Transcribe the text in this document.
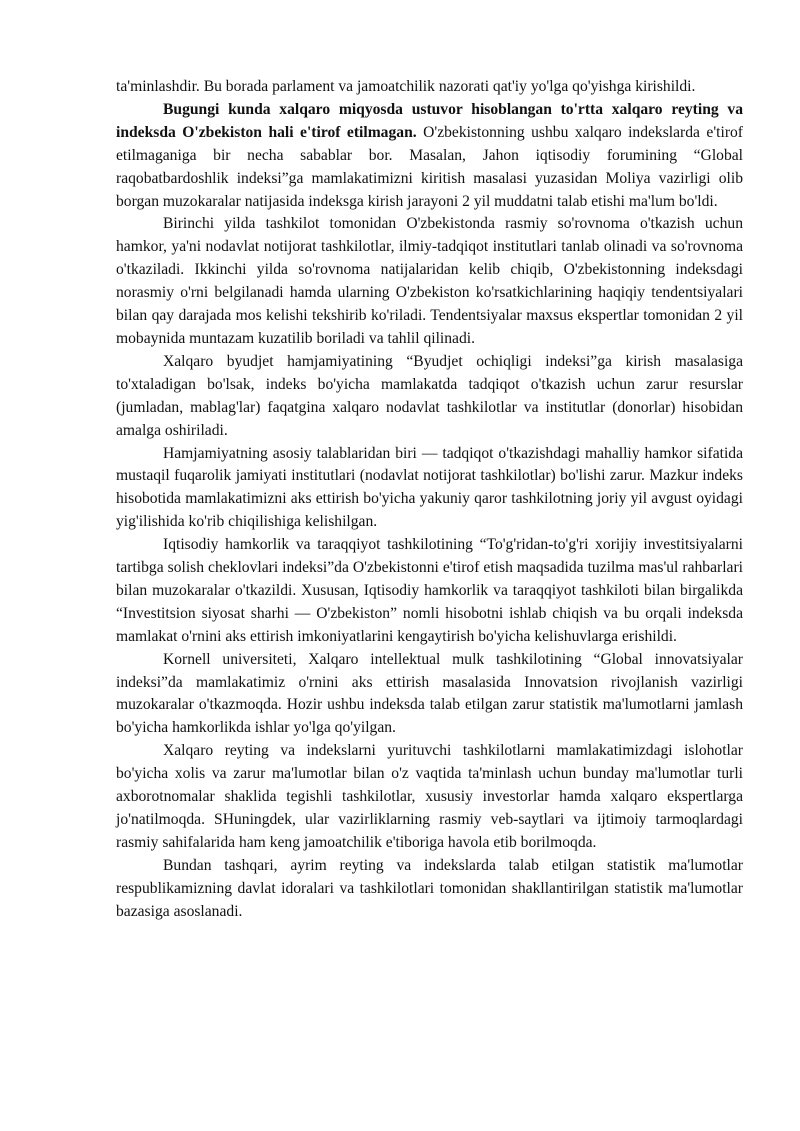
ta'minlashdir. Bu borada parlament va jamoatchilik nazorati qat'iy yo'lga qo'yishga kirishildi.

Bugungi kunda xalqaro miqyosda ustuvor hisoblangan to'rtta xalqaro reyting va indeksda O'zbekiston hali e'tirof etilmagan. O'zbekistonning ushbu xalqaro indekslarda e'tirof etilmaganiga bir necha sabablar bor. Masalan, Jahon iqtisodiy forumining “Global raqobatbardoshlik indeksi”ga mamlakatimizni kiritish masalasi yuzasidan Moliya vazirligi olib borgan muzokaralar natijasida indeksga kirish jarayoni 2 yil muddatni talab etishi ma'lum bo'ldi.

Birinchi yilda tashkilot tomonidan O'zbekistonda rasmiy so'rovnoma o'tkazish uchun hamkor, ya'ni nodavlat notijorat tashkilotlar, ilmiy-tadqiqot institutlari tanlab olinadi va so'rovnoma o'tkaziladi. Ikkinchi yilda so'rovnoma natijalaridan kelib chiqib, O'zbekistonning indeksdagi norasmiy o'rni belgilanadi hamda ularning O'zbekiston ko'rsatkichlarining haqiqiy tendentsiyalari bilan qay darajada mos kelishi tekshirib ko'riladi. Tendentsiyalar maxsus ekspertlar tomonidan 2 yil mobaynida muntazam kuzatilib boriladi va tahlil qilinadi.

Xalqaro byudjet hamjamiyatining “Byudjet ochiqligi indeksi”ga kirish masalasiga to'xtaladigan bo'lsak, indeks bo'yicha mamlakatda tadqiqot o'tkazish uchun zarur resurslar (jumladan, mablag'lar) faqatgina xalqaro nodavlat tashkilotlar va institutlar (donorlar) hisobidan amalga oshiriladi.

Hamjamiyatning asosiy talablaridan biri — tadqiqot o'tkazishdagi mahalliy hamkor sifatida mustaqil fuqarolik jamiyati institutlari (nodavlat notijorat tashkilotlar) bo'lishi zarur. Mazkur indeks hisobotida mamlakatimizni aks ettirish bo'yicha yakuniy qaror tashkilotning joriy yil avgust oyidagi yig'ilishida ko'rib chiqilishiga kelishilgan.

Iqtisodiy hamkorlik va taraqqiyot tashkilotining “To'g'ridan-to'g'ri xorijiy investitsiyalarni tartibga solish cheklovlari indeksi”da O'zbekistonni e'tirof etish maqsadida tuzilma mas'ul rahbarlari bilan muzokaralar o'tkazildi. Xususan, Iqtisodiy hamkorlik va taraqqiyot tashkiloti bilan birgalikda “Investitsion siyosat sharhi — O'zbekiston” nomli hisobotni ishlab chiqish va bu orqali indeksda mamlakat o'rnini aks ettirish imkoniyatlarini kengaytirish bo'yicha kelishuvlarga erishildi.

Kornell universiteti, Xalqaro intellektual mulk tashkilotining “Global innovatsiyalar indeksi”da mamlakatimiz o'rnini aks ettirish masalasida Innovatsion rivojlanish vazirligi muzokaralar o'tkazmoqda. Hozir ushbu indeksda talab etilgan zarur statistik ma'lumotlarni jamlash bo'yicha hamkorlikda ishlar yo'lga qo'yilgan.

Xalqaro reyting va indekslarni yurituvchi tashkilotlarni mamlakatimizdagi islohotlar bo'yicha xolis va zarur ma'lumotlar bilan o'z vaqtida ta'minlash uchun bunday ma'lumotlar turli axborotnomalar shaklida tegishli tashkilotlar, xususiy investorlar hamda xalqaro ekspertlarga jo'natilmoqda. SHuningdek, ular vazirliklarning rasmiy veb-saytlari va ijtimoiy tarmoqlardagi rasmiy sahifalarida ham keng jamoatchilik e'tiboriga havola etib borilmoqda.

Bundan tashqari, ayrim reyting va indekslarda talab etilgan statistik ma'lumotlar respublikamizning davlat idoralari va tashkilotlari tomonidan shakllantirilgan statistik ma'lumotlar bazasiga asoslanadi.
